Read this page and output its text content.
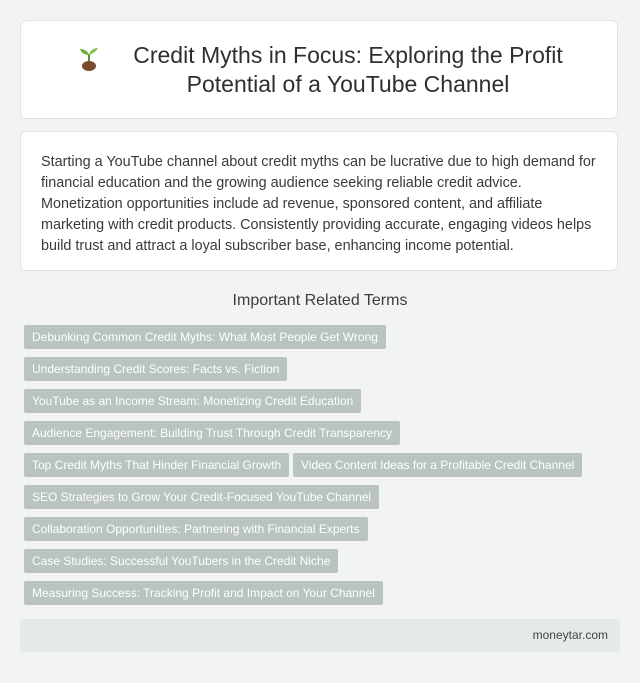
Credit Myths in Focus: Exploring the Profit Potential of a YouTube Channel
Starting a YouTube channel about credit myths can be lucrative due to high demand for financial education and the growing audience seeking reliable credit advice. Monetization opportunities include ad revenue, sponsored content, and affiliate marketing with credit products. Consistently providing accurate, engaging videos helps build trust and attract a loyal subscriber base, enhancing income potential.
Important Related Terms
Debunking Common Credit Myths: What Most People Get Wrong
Understanding Credit Scores: Facts vs. Fiction
YouTube as an Income Stream: Monetizing Credit Education
Audience Engagement: Building Trust Through Credit Transparency
Top Credit Myths That Hinder Financial Growth	Video Content Ideas for a Profitable Credit Channel
SEO Strategies to Grow Your Credit-Focused YouTube Channel
Collaboration Opportunities: Partnering with Financial Experts
Case Studies: Successful YouTubers in the Credit Niche
Measuring Success: Tracking Profit and Impact on Your Channel
moneytar.com
